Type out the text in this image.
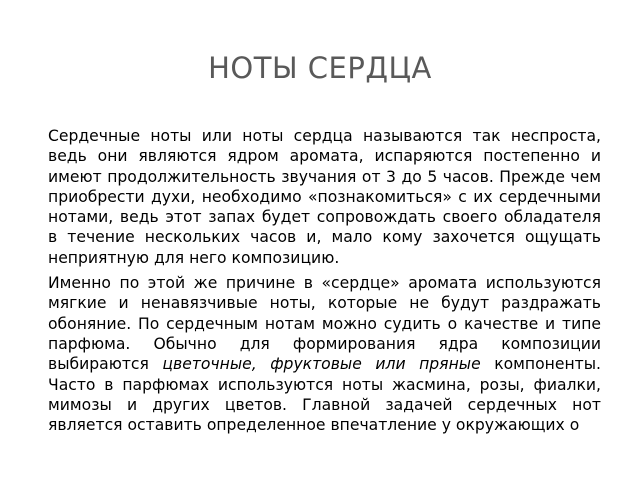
НОТЫ СЕРДЦА

Сердечные ноты или ноты сердца называются так неспроста, ведь они являются ядром аромата, испаряются постепенно и имеют продолжительность звучания от 3 до 5 часов. Прежде чем приобрести духи, необходимо «познакомиться» с их сердечными нотами, ведь этот запах будет сопровождать своего обладателя в течение нескольких часов и, мало кому захочется ощущать неприятную для него композицию.

Именно по этой же причине в «сердце» аромата используются мягкие и ненавязчивые ноты, которые не будут раздражать обоняние. По сердечным нотам можно судить о качестве и типе парфюма. Обычно для формирования ядра композиции выбираются цветочные, фруктовые или пряные компоненты. Часто в парфюмах используются ноты жасмина, розы, фиалки, мимозы и других цветов. Главной задачей сердечных нот является оставить определенное впечатление у окружающих о
